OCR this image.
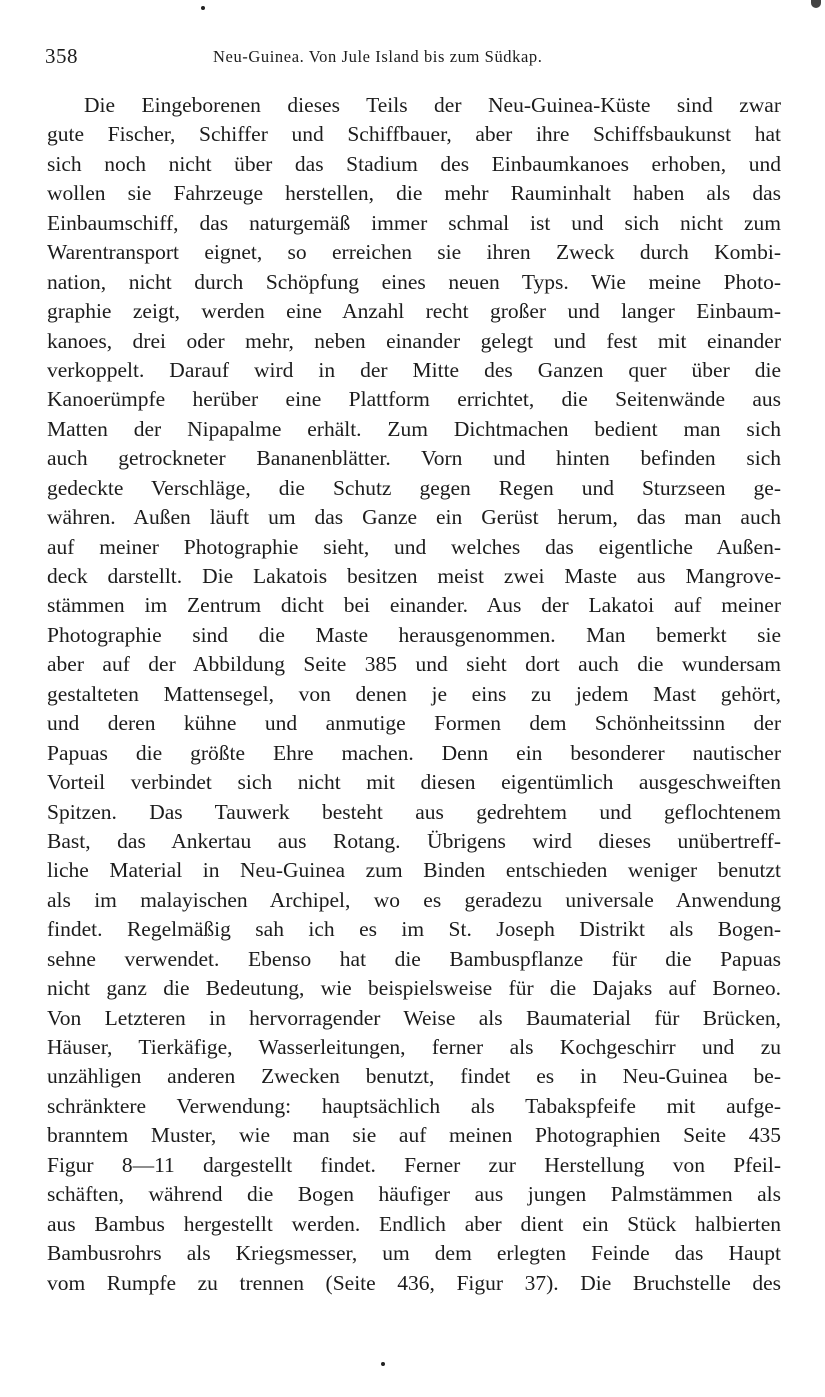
358	Neu-Guinea. Von Jule Island bis zum Südkap.
Die Eingeborenen dieses Teils der Neu-Guinea-Küste sind zwar
gute Fischer, Schiffer und Schiffbauer, aber ihre Schiffsbaukunst hat
sich noch nicht über das Stadium des Einbaumkanoes erhoben, und
wollen sie Fahrzeuge herstellen, die mehr Rauminhalt haben als das
Einbaumschiff, das naturgemäß immer schmal ist und sich nicht zum
Warentransport eignet, so erreichen sie ihren Zweck durch Kombi-
nation, nicht durch Schöpfung eines neuen Typs. Wie meine Photo-
graphie zeigt, werden eine Anzahl recht großer und langer Einbaum-
kanoes, drei oder mehr, neben einander gelegt und fest mit einander
verkoppelt. Darauf wird in der Mitte des Ganzen quer über die
Kanoerümpfe herüber eine Plattform errichtet, die Seitenwände aus
Matten der Nipapalme erhält. Zum Dichtmachen bedient man sich
auch getrockneter Bananenblätter. Vorn und hinten befinden sich
gedeckte Verschläge, die Schutz gegen Regen und Sturzseen ge-
währen. Außen läuft um das Ganze ein Gerüst herum, das man auch
auf meiner Photographie sieht, und welches das eigentliche Außen-
deck darstellt. Die Lakatois besitzen meist zwei Maste aus Mangrove-
stämmen im Zentrum dicht bei einander. Aus der Lakatoi auf meiner
Photographie sind die Maste herausgenommen. Man bemerkt sie
aber auf der Abbildung Seite 385 und sieht dort auch die wundersam
gestalteten Mattensegel, von denen je eins zu jedem Mast gehört,
und deren kühne und anmutige Formen dem Schönheitssinn der
Papuas die größte Ehre machen. Denn ein besonderer nautischer
Vorteil verbindet sich nicht mit diesen eigentümlich ausgeschweiften
Spitzen. Das Tauwerk besteht aus gedrehtem und geflochtenem
Bast, das Ankertau aus Rotang. Übrigens wird dieses unübertreff-
liche Material in Neu-Guinea zum Binden entschieden weniger benutzt
als im malayischen Archipel, wo es geradezu universale Anwendung
findet. Regelmäßig sah ich es im St. Joseph Distrikt als Bogen-
sehne verwendet. Ebenso hat die Bambuspflanze für die Papuas
nicht ganz die Bedeutung, wie beispielsweise für die Dajaks auf Borneo.
Von Letzteren in hervorragender Weise als Baumaterial für Brücken,
Häuser, Tierkäfige, Wasserleitungen, ferner als Kochgeschirr und zu
unzähligen anderen Zwecken benutzt, findet es in Neu-Guinea be-
schränktere Verwendung: hauptsächlich als Tabakspfeife mit aufge-
branntem Muster, wie man sie auf meinen Photographien Seite 435
Figur 8—11 dargestellt findet. Ferner zur Herstellung von Pfeil-
schäften, während die Bogen häufiger aus jungen Palmstämmen als
aus Bambus hergestellt werden. Endlich aber dient ein Stück halbierten
Bambusrohrs als Kriegsmesser, um dem erlegten Feinde das Haupt
vom Rumpfe zu trennen (Seite 436, Figur 37). Die Bruchstelle des
